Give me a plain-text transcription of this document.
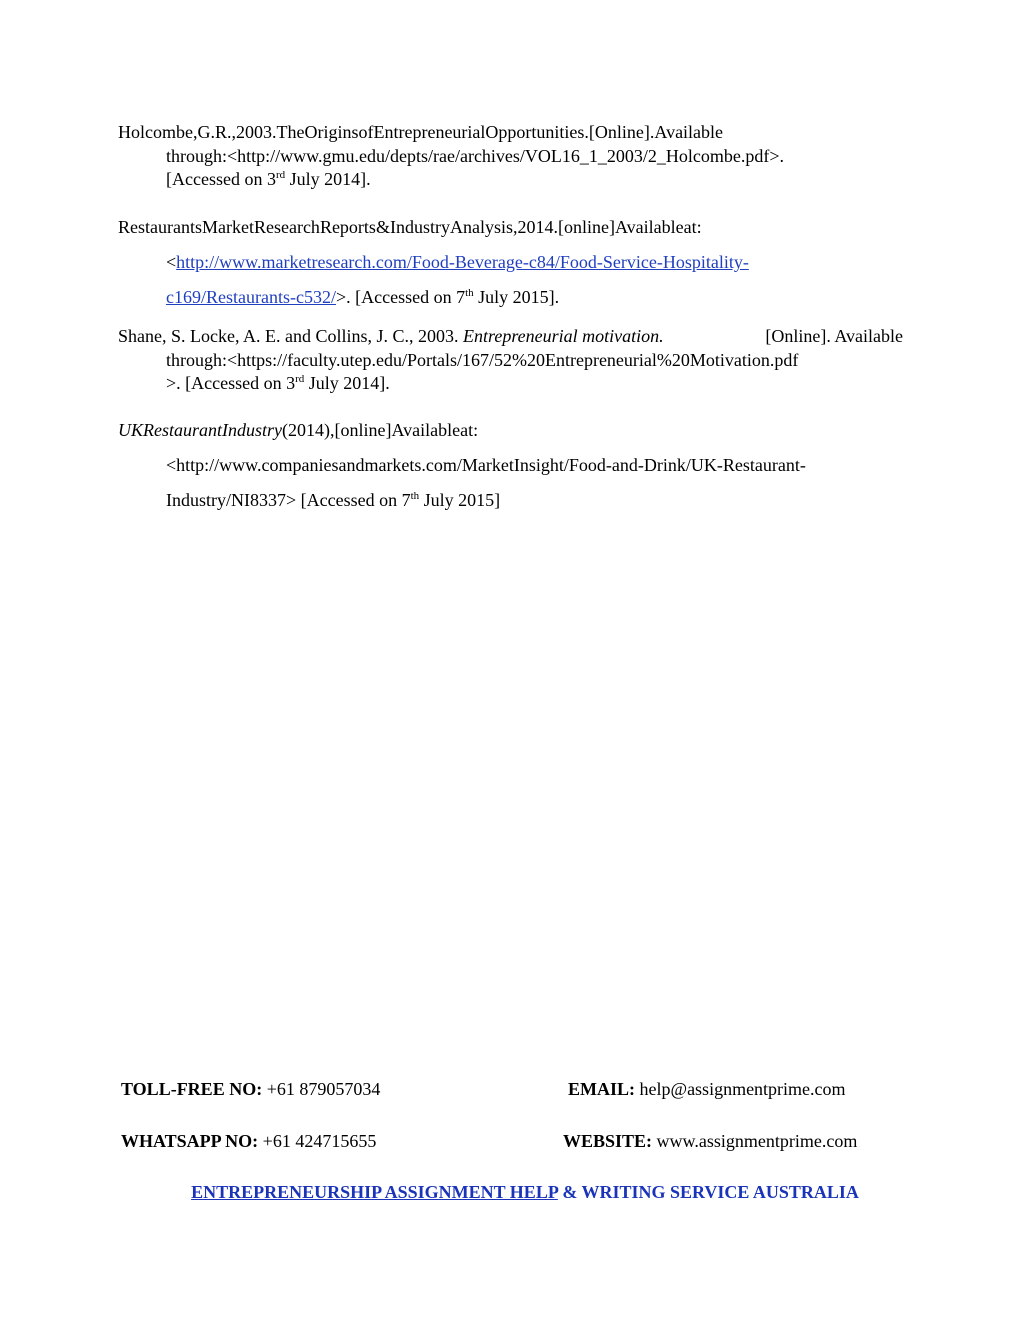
Holcombe,G.R.,2003.TheOriginsofEntrepreneurialOpportunities.[Online].Available
through:<http://www.gmu.edu/depts/rae/archives/VOL16_1_2003/2_Holcombe.pdf>.
[Accessed on 3rd July 2014].
RestaurantsMarketResearchReports&IndustryAnalysis,2014.[online]Availableat:
<http://www.marketresearch.com/Food-Beverage-c84/Food-Service-Hospitality-
c169/Restaurants-c532/>. [Accessed on 7th July 2015].
Shane, S. Locke, A. E. and Collins, J. C., 2003. Entrepreneurial motivation.	[Online]. Available
through:<https://faculty.utep.edu/Portals/167/52%20Entrepreneurial%20Motivation.pdf
>. [Accessed on 3rd July 2014].
UKRestaurantIndustry(2014),[online]Availableat:
<http://www.companiesandmarkets.com/MarketInsight/Food-and-Drink/UK-Restaurant-
Industry/NI8337> [Accessed on 7th July 2015]
TOLL-FREE NO: +61 879057034	EMAIL: help@assignmentprime.com
WHATSAPP NO: +61 424715655	WEBSITE: www.assignmentprime.com
ENTREPRENEURSHIP ASSIGNMENT HELP & WRITING SERVICE AUSTRALIA
